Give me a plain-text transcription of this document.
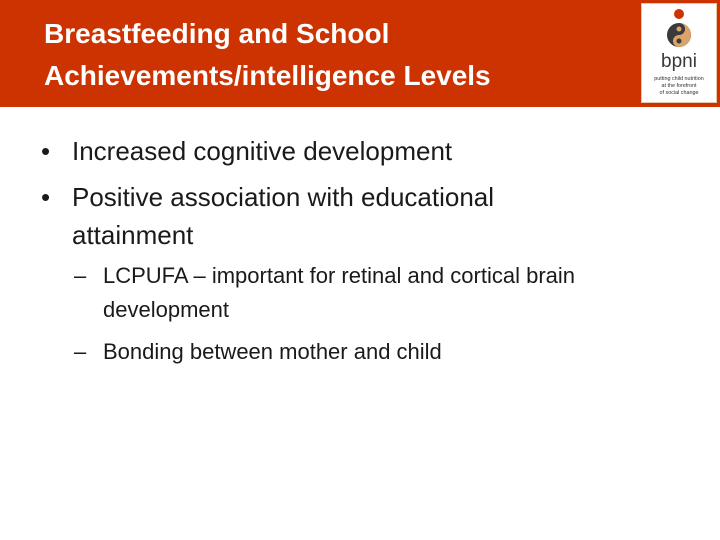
Breastfeeding and School
Achievements/intelligence Levels	bpni
putting child nutrition
at the forefront
of social change
• Increased cognitive development
• Positive association with educational
attainment
– LCPUFA – important for retinal and cortical brain
development
– Bonding between mother and child
